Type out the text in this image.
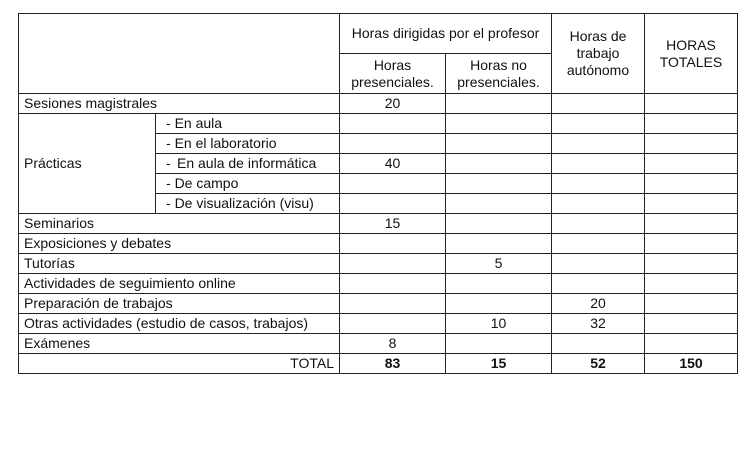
		Horas dirigidas por el profesor		Horas de trabajo autónomo	HORAS TOTALES
		Horas presenciales.	Horas no presenciales.		
Sesiones magistrales		20			
Prácticas	- En aula				
	- En el laboratorio				

	- En aula de informática	40			
	- De campo				
	- De visualización (visu)				
Seminarios		15			
Exposiciones y debates					
Tutorías			5		
Actividades de seguimiento online					
Preparación de trabajos				20	
Otras actividades (estudio de casos, trabajos)			10	32	
Exámenes		8			
TOTAL		83	15	52	150
